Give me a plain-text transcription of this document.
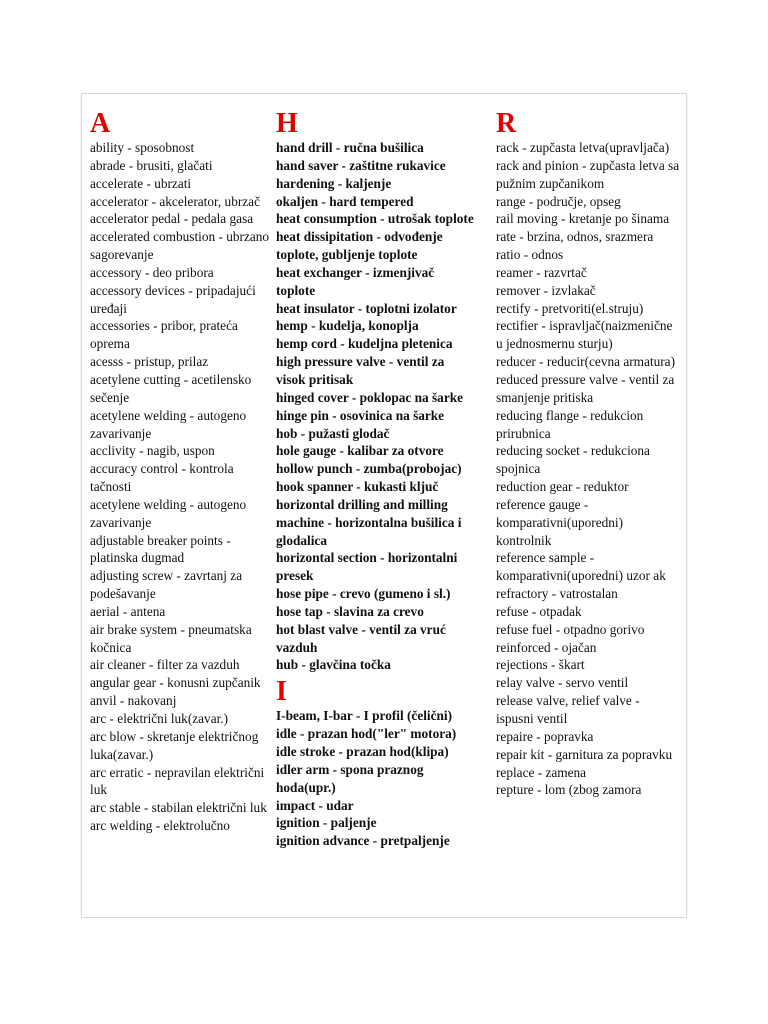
A
ability - sposobnost
abrade - brusiti, glačati
accelerate - ubrzati
accelerator - akcelerator, ubrzač
accelerator pedal - pedala gasa
accelerated combustion - ubrzano sagorevanje
accessory - deo pribora
accessory devices - pripadajući uređaji
accessories - pribor, prateća oprema
acesss - pristup, prilaz
acetylene cutting - acetilensko sečenje
acetylene welding - autogeno zavarivanje
acclivity - nagib, uspon
accuracy control - kontrola tačnosti
acetylene welding - autogeno zavarivanje
adjustable breaker points - platinska dugmad
adjusting screw - zavrtanj za podešavanje
aerial - antena
air brake system - pneumatska kočnica
air cleaner - filter za vazduh
angular gear - konusni zupčanik
anvil - nakovanj
arc - električni luk(zavar.)
arc blow - skretanje električnog luka(zavar.)
arc erratic - nepravilan električni luk
arc stable - stabilan električni luk
arc welding - elektrolučno
H
hand drill - ručna bušilica
hand saver - zaštitne rukavice
hardening - kaljenje
okaljen - hard tempered
heat consumption - utrošak toplote
heat dissipitation - odvođenje toplote, gubljenje toplote
heat exchanger - izmenjivač toplote
heat insulator - toplotni izolator
hemp - kudelja, konoplja
hemp cord - kudeljna pletenica
high pressure valve - ventil za visok pritisak
hinged cover - poklopac na šarke
hinge pin - osovinica na šarke
hob - pužasti glodač
hole gauge - kalibar za otvore
hollow punch - zumba(probojac)
hook spanner - kukasti ključ
horizontal drilling and milling machine - horizontalna bušilica i glodalica
horizontal section - horizontalni presek
hose pipe - crevo (gumeno i sl.)
hose tap - slavina za crevo
hot blast valve - ventil za vruć vazduh
hub - glavčina točka
I
I-beam, I-bar - I profil (čelični)
idle - prazan hod("ler" motora)
idle stroke - prazan hod(klipa)
idler arm - spona praznog hoda(upr.)
impact - udar
ignition - paljenje
ignition advance - pretpaljenje
R
rack - zupčasta letva(upravljača)
rack and pinion - zupčasta letva sa pužnim zupčanikom
range - područje, opseg
rail moving - kretanje po šinama
rate - brzina, odnos, srazmera
ratio - odnos
reamer - razvrtač
remover - izvlakač
rectify - pretvoriti(el.struju)
rectifier - ispravljač(naizmenične u jednosmernu sturju)
reducer - reducir(cevna armatura)
reduced pressure valve - ventil za smanjenje pritiska
reducing flange - redukcion prirubnica
reducing socket - redukciona spojnica
reduction gear - reduktor
reference gauge - komparativni(uporedni) kontrolnik
reference sample - komparativni(uporedni) uzor ak
refractory - vatrostalan
refuse - otpadak
refuse fuel - otpadno gorivo
reinforced - ojačan
rejections - škart
relay valve - servo ventil
release valve, relief valve - ispusni ventil
repaire - popravka
repair kit - garnitura za popravku
replace - zamena
repture - lom (zbog zamora
